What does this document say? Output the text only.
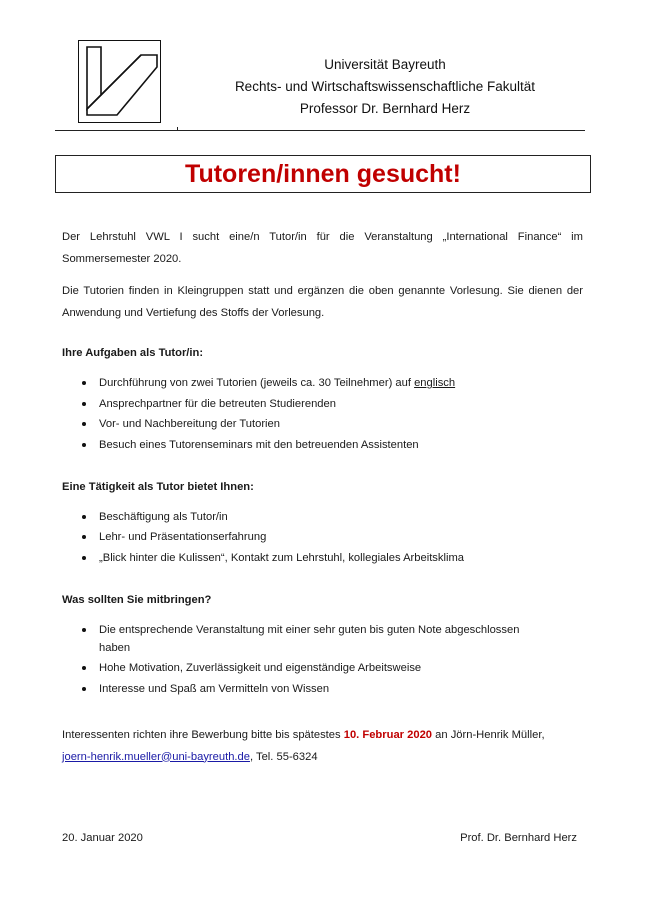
Universität Bayreuth
Rechts- und Wirtschaftswissenschaftliche Fakultät
Professor Dr. Bernhard Herz
Tutoren/innen gesucht!

Der Lehrstuhl VWL I sucht eine/n Tutor/in für die Veranstaltung „International Finance“ im Sommersemester 2020.

Die Tutorien finden in Kleingruppen statt und ergänzen die oben genannte Vorlesung. Sie dienen der Anwendung und Vertiefung des Stoffs der Vorlesung.

Ihre Aufgaben als Tutor/in:
Durchführung von zwei Tutorien (jeweils ca. 30 Teilnehmer) auf englisch
Ansprechpartner für die betreuten Studierenden
Vor- und Nachbereitung der Tutorien
Besuch eines Tutorenseminars mit den betreuenden Assistenten
Eine Tätigkeit als Tutor bietet Ihnen:
Beschäftigung als Tutor/in
Lehr- und Präsentationserfahrung
„Blick hinter die Kulissen“, Kontakt zum Lehrstuhl, kollegiales Arbeitsklima
Was sollten Sie mitbringen?
Die entsprechende Veranstaltung mit einer sehr guten bis guten Note abgeschlossen haben
Hohe Motivation, Zuverlässigkeit und eigenständige Arbeitsweise
Interesse und Spaß am Vermitteln von Wissen

Interessenten richten ihre Bewerbung bitte bis spätestes 10. Februar 2020 an Jörn-Henrik Müller,
joern-henrik.mueller@uni-bayreuth.de, Tel. 55-6324

20. Januar 2020	Prof. Dr. Bernhard Herz
